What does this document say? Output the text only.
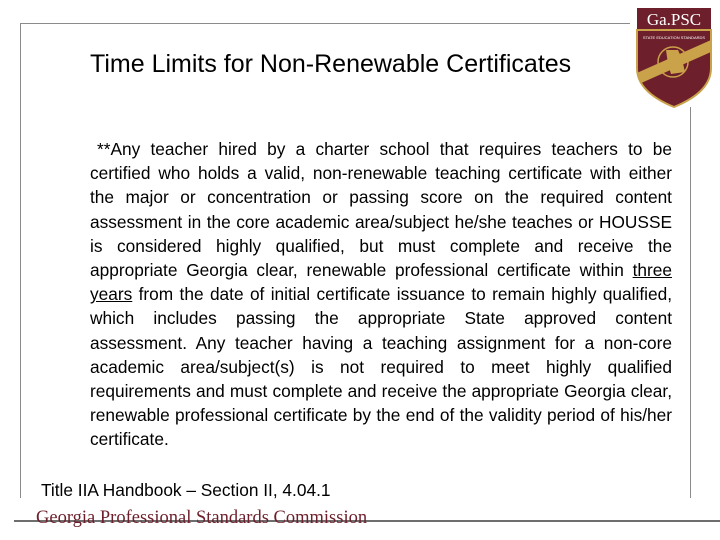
Time Limits for Non-Renewable Certificates
**Any teacher hired by a charter school that requires teachers to be certified who holds a valid, non-renewable teaching certificate with either the major or concentration or passing score on the required content assessment in the core academic area/subject he/she teaches or HOUSSE is considered highly qualified, but must complete and receive the appropriate Georgia clear, renewable professional certificate within three years from the date of initial certificate issuance to remain highly qualified, which includes passing the appropriate State approved content assessment. Any teacher having a teaching assignment for a non-core academic area/subject(s) is not required to meet highly qualified requirements and must complete and receive the appropriate Georgia clear, renewable professional certificate by the end of the validity period of his/her certificate.
Title IIA Handbook – Section II, 4.04.1
Georgia Professional Standards Commission
Ga.PSC
STATE EDUCATION STANDARDS
